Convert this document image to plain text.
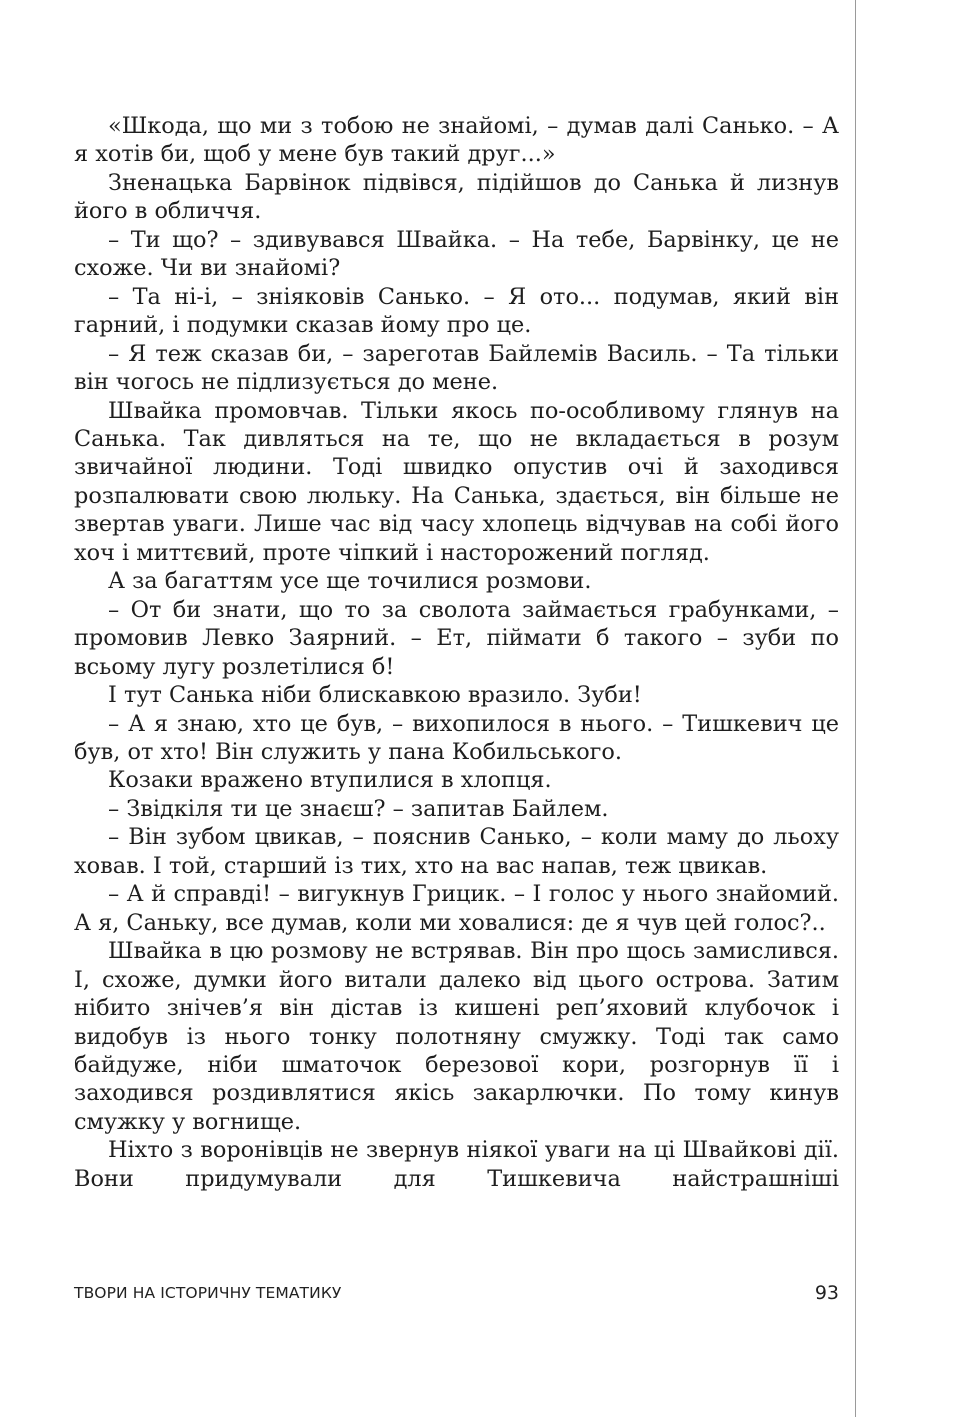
«Шкода, що ми з тобою не знайомі, – думав далі Санько. – А я хотів би, щоб у мене був такий друг...»

Зненацька Барвінок підвівся, підійшов до Санька й лизнув його в обличчя.

– Ти що? – здивувався Швайка. – На тебе, Барвінку, це не схоже. Чи ви знайомі?

– Та ні-і, – зніяковів Санько. – Я ото... подумав, який він гарний, і подумки сказав йому про це.

– Я теж сказав би, – зареготав Байлемів Василь. – Та тільки він чогось не підлизується до мене.

Швайка промовчав. Тільки якось по-особливому глянув на Санька. Так дивляться на те, що не вкладається в розум звичайної людини. Тоді швидко опустив очі й заходився розпалювати свою люльку. На Санька, здається, він більше не звертав уваги. Лише час від часу хлопець відчував на собі його хоч і миттєвий, проте чіпкий і насторожений погляд.

А за багаттям усе ще точилися розмови.

– От би знати, що то за сволота займається грабунками, – промовив Левко Заярний. – Ет, піймати б такого – зуби по всьому лугу розлетілися б!

І тут Санька ніби блискавкою вразило. Зуби!

– А я знаю, хто це був, – вихопилося в нього. – Тишкевич це був, от хто! Він служить у пана Кобильського.

Козаки вражено втупилися в хлопця.

– Звідкіля ти це знаєш? – запитав Байлем.

– Він зубом цвикав, – пояснив Санько, – коли маму до льоху ховав. І той, старший із тих, хто на вас напав, теж цвикав.

– А й справді! – вигукнув Грицик. – І голос у нього знайомий. А я, Саньку, все думав, коли ми ховалися: де я чув цей голос?..

Швайка в цю розмову не встрявав. Він про щось замислився. І, схоже, думки його витали далеко від цього острова. Затим нібито знічев’я він дістав із кишені реп’яховий клубочок і видобув із нього тонку полотняну смужку. Тоді так само байдуже, ніби шматочок березової кори, розгорнув її і заходився роздивлятися якісь закарлючки. По тому кинув смужку у вогнище.

Ніхто з воронівців не звернув ніякої уваги на ці Швайкові дії. Вони придумували для Тишкевича найстрашніші

ТВОРИ НА ІСТОРИЧНУ ТЕМАТИКУ	93
